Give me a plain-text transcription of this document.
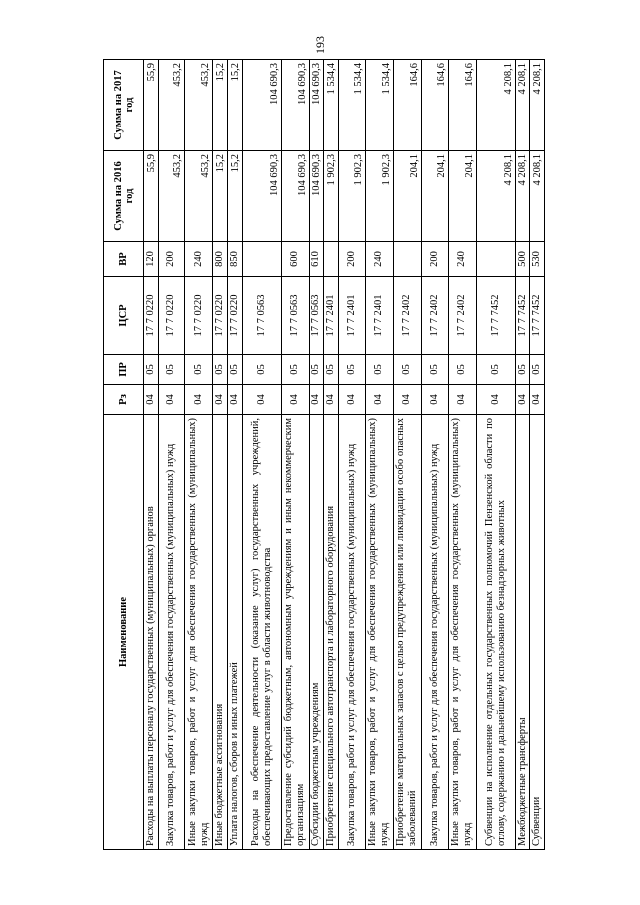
193
Наименование	Рз	ПР	ЦСР	ВР	Сумма на 2016 год	Сумма на 2017 год
Расходы на выплаты персоналу государственных (муниципальных) органов	04	05	17 7 0220	120	55,9	55,9
Закупка товаров, работ и услуг для обеспечения государственных (муниципальных) нужд	04	05	17 7 0220	200	453,2	453,2
Иные закупки товаров, работ и услуг для обеспечения государственных (муниципальных) нужд	04	05	17 7 0220	240	453,2	453,2
Иные бюджетные ассигнования	04	05	17 7 0220	800	15,2	15,2
Уплата налогов, сборов и иных платежей	04	05	17 7 0220	850	15,2	15,2
Расходы на обеспечение деятельности (оказание услуг) государственных учреждений, обеспечивающих предоставление услуг в области животноводства	04	05	17 7 0563		104 690,3	104 690,3
Предоставление субсидий бюджетным, автономным учреждениям и иным некоммерческим организациям	04	05	17 7 0563	600	104 690,3	104 690,3
Субсидии бюджетным учреждениям	04	05	17 7 0563	610	104 690,3	104 690,3
Приобретение специального автотранспорта и лабораторного оборудования	04	05	17 7 2401		1 902,3	1 534,4
Закупка товаров, работ и услуг для обеспечения государственных (муниципальных) нужд	04	05	17 7 2401	200	1 902,3	1 534,4
Иные закупки товаров, работ и услуг для обеспечения государственных (муниципальных) нужд	04	05	17 7 2401	240	1 902,3	1 534,4
Приобретение материальных запасов с целью предупреждения или ликвидации особо опасных заболеваний	04	05	17 7 2402		204,1	164,6
Закупка товаров, работ и услуг для обеспечения государственных (муниципальных) нужд	04	05	17 7 2402	200	204,1	164,6
Иные закупки товаров, работ и услуг для обеспечения государственных (муниципальных) нужд	04	05	17 7 2402	240	204,1	164,6
Субвенции на исполнение отдельных государственных полномочий Пензенской области по отлову, содержанию и дальнейшему использованию безнадзорных животных	04	05	17 7 7452		4 208,1	4 208,1
Межбюджетные трансферты	04	05	17 7 7452	500	4 208,1	4 208,1
Субвенции	04	05	17 7 7452	530	4 208,1	4 208,1
